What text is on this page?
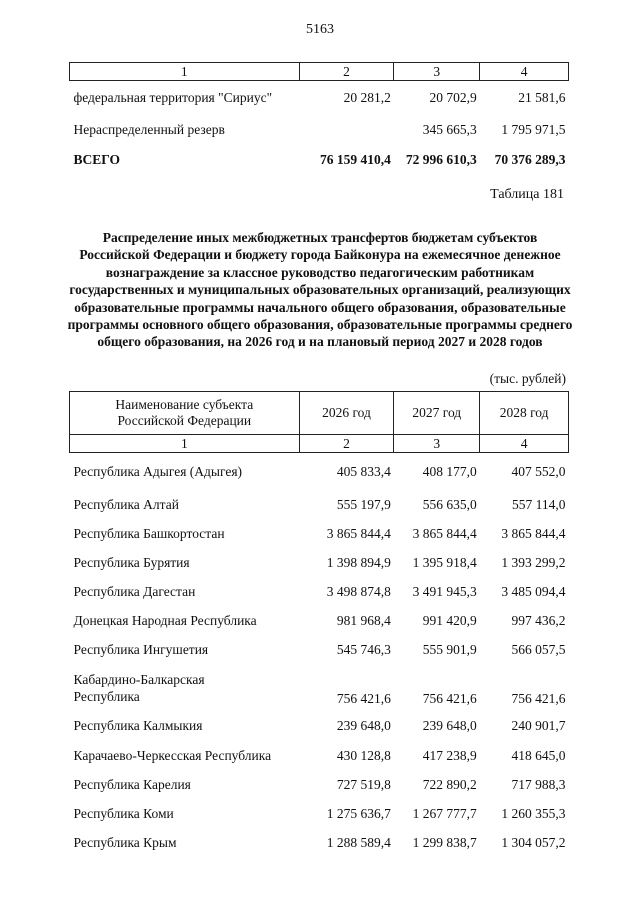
5163
1	2	3	4
федеральная территория "Сириус"	20 281,2	20 702,9	21 581,6
Нераспределенный резерв		345 665,3	1 795 971,5
ВСЕГО	76 159 410,4	72 996 610,3	70 376 289,3
Таблица 181
Распределение иных межбюджетных трансфертов бюджетам субъектов Российской Федерации и бюджету города Байконура на ежемесячное денежное вознаграждение за классное руководство педагогическим работникам государственных и муниципальных образовательных организаций, реализующих образовательные программы начального общего образования, образовательные программы основного общего образования, образовательные программы среднего общего образования, на 2026 год и на плановый период 2027 и 2028 годов
(тыс. рублей)
Наименование субъекта Российской Федерации	2026 год	2027 год	2028 год
1	2	3	4
Республика Адыгея (Адыгея)	405 833,4	408 177,0	407 552,0
Республика Алтай	555 197,9	556 635,0	557 114,0
Республика Башкортостан	3 865 844,4	3 865 844,4	3 865 844,4
Республика Бурятия	1 398 894,9	1 395 918,4	1 393 299,2
Республика Дагестан	3 498 874,8	3 491 945,3	3 485 094,4
Донецкая Народная Республика	981 968,4	991 420,9	997 436,2
Республика Ингушетия	545 746,3	555 901,9	566 057,5
Кабардино-Балкарская Республика	756 421,6	756 421,6	756 421,6
Республика Калмыкия	239 648,0	239 648,0	240 901,7
Карачаево-Черкесская Республика	430 128,8	417 238,9	418 645,0
Республика Карелия	727 519,8	722 890,2	717 988,3
Республика Коми	1 275 636,7	1 267 777,7	1 260 355,3
Республика Крым	1 288 589,4	1 299 838,7	1 304 057,2
